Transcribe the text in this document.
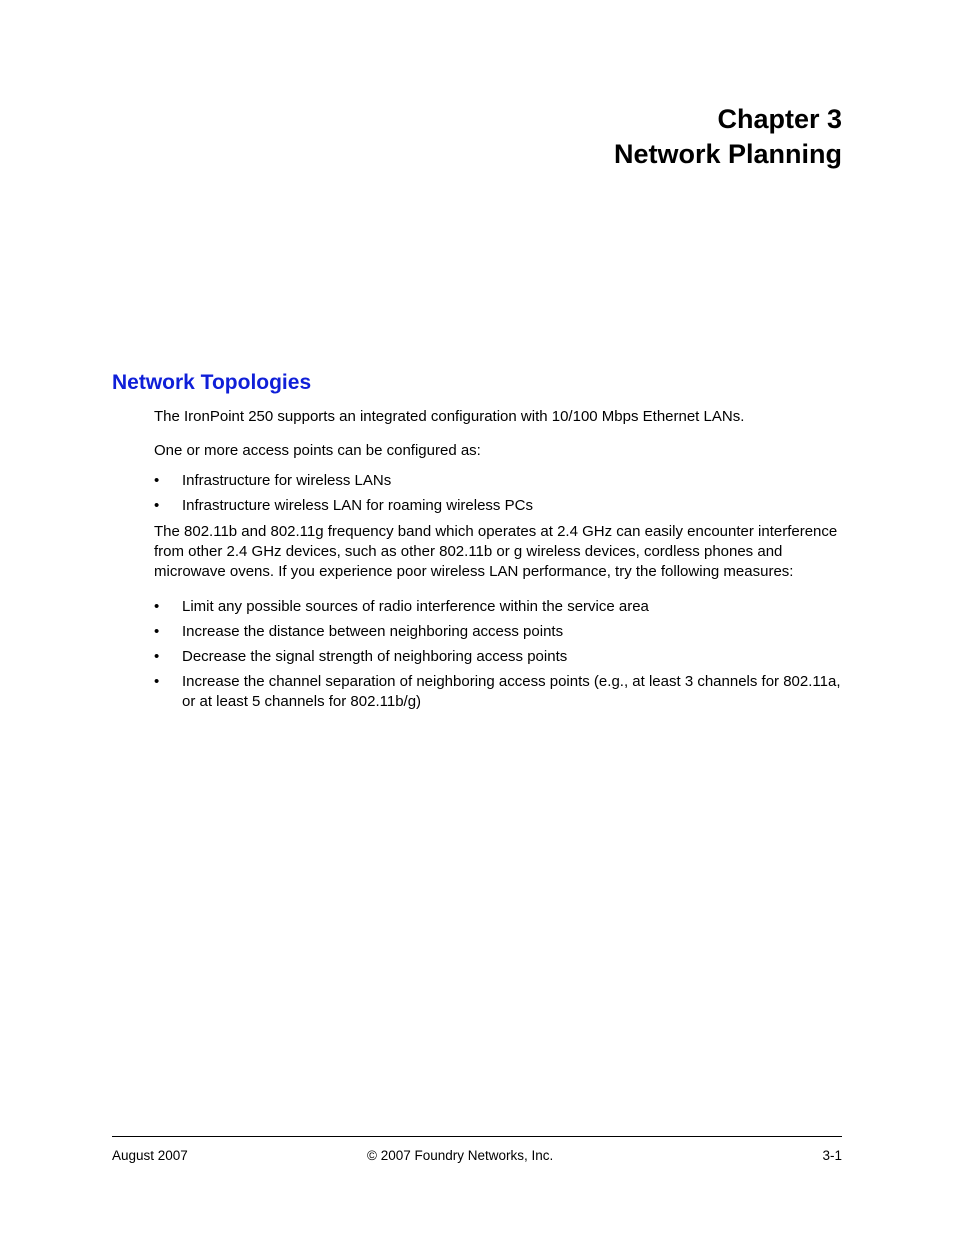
Chapter 3
Network Planning
Network Topologies

The IronPoint 250 supports an integrated configuration with 10/100 Mbps Ethernet LANs.

One or more access points can be configured as:

• Infrastructure for wireless LANs
• Infrastructure wireless LAN for roaming wireless PCs

The 802.11b and 802.11g frequency band which operates at 2.4 GHz can easily encounter interference from other 2.4 GHz devices, such as other 802.11b or g wireless devices, cordless phones and microwave ovens. If you experience poor wireless LAN performance, try the following measures:

• Limit any possible sources of radio interference within the service area
• Increase the distance between neighboring access points
• Decrease the signal strength of neighboring access points
• Increase the channel separation of neighboring access points (e.g., at least 3 channels for 802.11a, or at least 5 channels for 802.11b/g)
August 2007	© 2007 Foundry Networks, Inc.	3-1
